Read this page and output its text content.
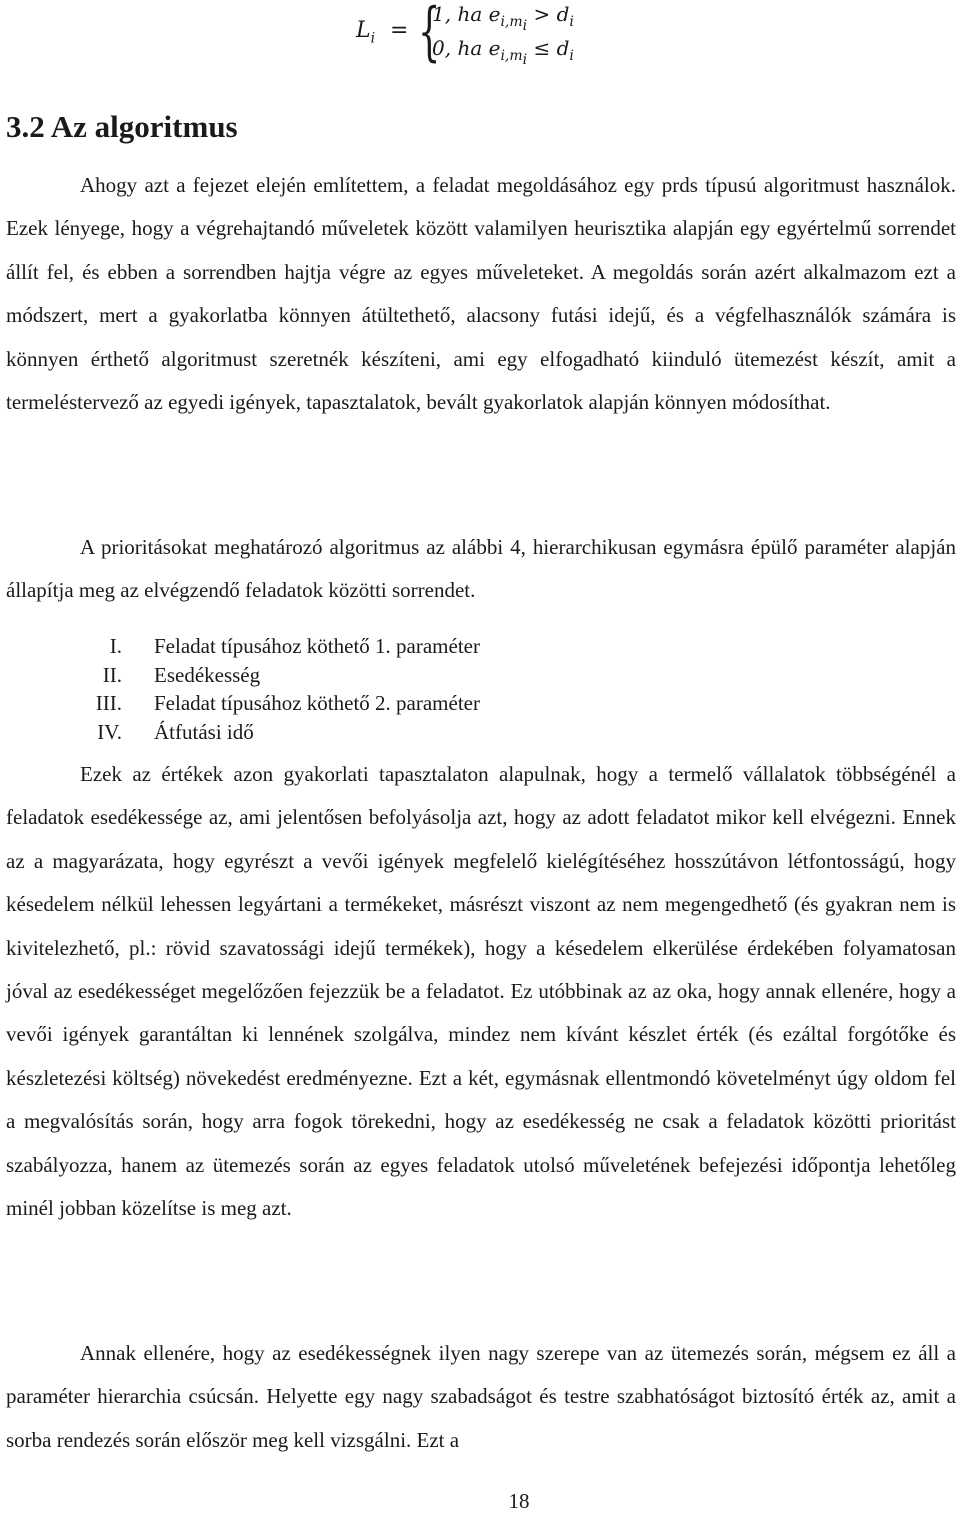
$L_i$ = {
1, ha $e_{i,m_i} > d_i$
0, ha $e_{i,m_i} \le d_i$
3.2 Az algoritmus

Ahogy azt a fejezet elején említettem, a feladat megoldásához egy prds típusú algoritmust használok. Ezek lényege, hogy a végrehajtandó műveletek között valamilyen heurisztika alapján egy egyértelmű sorrendet állít fel, és ebben a sorrendben hajtja végre az egyes műveleteket. A megoldás során azért alkalmazom ezt a módszert, mert a gyakorlatba könnyen átültethető, alacsony futási idejű, és a végfelhasználók számára is könnyen érthető algoritmust szeretnék készíteni, ami egy elfogadható kiinduló ütemezést készít, amit a termeléstervező az egyedi igények, tapasztalatok, bevált gyakorlatok alapján könnyen módosíthat.

A prioritásokat meghatározó algoritmus az alábbi 4, hierarchikusan egymásra épülő paraméter alapján állapítja meg az elvégzendő feladatok közötti sorrendet.

I. Feladat típusához köthető 1. paraméter
II. Esedékesség
III. Feladat típusához köthető 2. paraméter
IV. Átfutási idő

Ezek az értékek azon gyakorlati tapasztalaton alapulnak, hogy a termelő vállalatok többségénél a feladatok esedékessége az, ami jelentősen befolyásolja azt, hogy az adott feladatot mikor kell elvégezni. Ennek az a magyarázata, hogy egyrészt a vevői igények megfelelő kielégítéséhez hosszútávon létfontosságú, hogy késedelem nélkül lehessen legyártani a termékeket, másrészt viszont az nem megengedhető (és gyakran nem is kivitelezhető, pl.: rövid szavatossági idejű termékek), hogy a késedelem elkerülése érdekében folyamatosan jóval az esedékességet megelőzően fejezzük be a feladatot. Ez utóbbinak az az oka, hogy annak ellenére, hogy a vevői igények garantáltan ki lennének szolgálva, mindez nem kívánt készlet érték (és ezáltal forgótőke és készletezési költség) növekedést eredményezne. Ezt a két, egymásnak ellentmondó követelményt úgy oldom fel a megvalósítás során, hogy arra fogok törekedni, hogy az esedékesség ne csak a feladatok közötti prioritást szabályozza, hanem az ütemezés során az egyes feladatok utolsó műveletének befejezési időpontja lehetőleg minél jobban közelítse is meg azt.

Annak ellenére, hogy az esedékességnek ilyen nagy szerepe van az ütemezés során, mégsem ez áll a paraméter hierarchia csúcsán. Helyette egy nagy szabadságot és testre szabhatóságot biztosító érték az, amit a sorba rendezés során először meg kell vizsgálni. Ezt a

18
